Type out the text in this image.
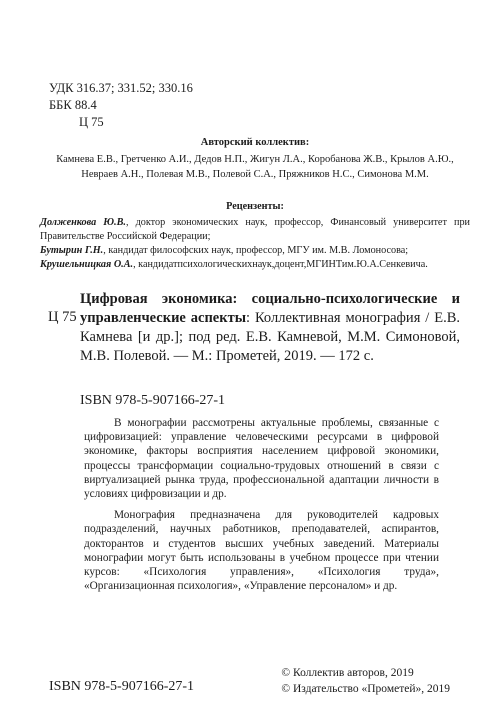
УДК 316.37; 331.52; 330.16
ББК 88.4
Ц 75
Авторский коллектив:
Камнева Е.В., Гретченко А.И., Дедов Н.П., Жигун Л.А., Коробанова Ж.В., Крылов А.Ю.,
Невраев А.Н., Полевая М.В., Полевой С.А., Пряжников Н.С., Симонова М.М.
Рецензенты:

Долженкова Ю.В., доктор экономических наук, профессор, Финансовый университет при Правительстве Российской Федерации;

Бутырин Г.Н., кандидат философских наук, профессор, МГУ им. М.В. Ломоносова;

Крушельницкая О.А., кандидатпсихологическихнаук,доцент,МГИНТим.Ю.А.Сенкевича.

Ц 75

Цифровая экономика: социально-психологические и управленческие аспекты: Коллективная монография / Е.В. Камнева [и др.]; под ред. Е.В. Камневой, М.М. Симоновой, М.В. Полевой. — М.: Прометей, 2019. — 172 с.

ISBN 978-5-907166-27-1

В монографии рассмотрены актуальные проблемы, связанные с цифровизацией: управление человеческими ресурсами в цифровой экономике, факторы восприятия населением цифровой экономики, процессы трансформации социально-трудовых отношений в связи с виртуализацией рынка труда, профессиональной адаптации личности в условиях цифровизации и др.

Монография предназначена для руководителей кадровых подразделений, научных работников, преподавателей, аспирантов, докторантов и студентов высших учебных заведений. Материалы монографии могут быть использованы в учебном процессе при чтении курсов: «Психология управления», «Психология труда», «Организационная психология», «Управление персоналом» и др.

ISBN 978-5-907166-27-1
© Коллектив авторов, 2019
© Издательство «Прометей», 2019
